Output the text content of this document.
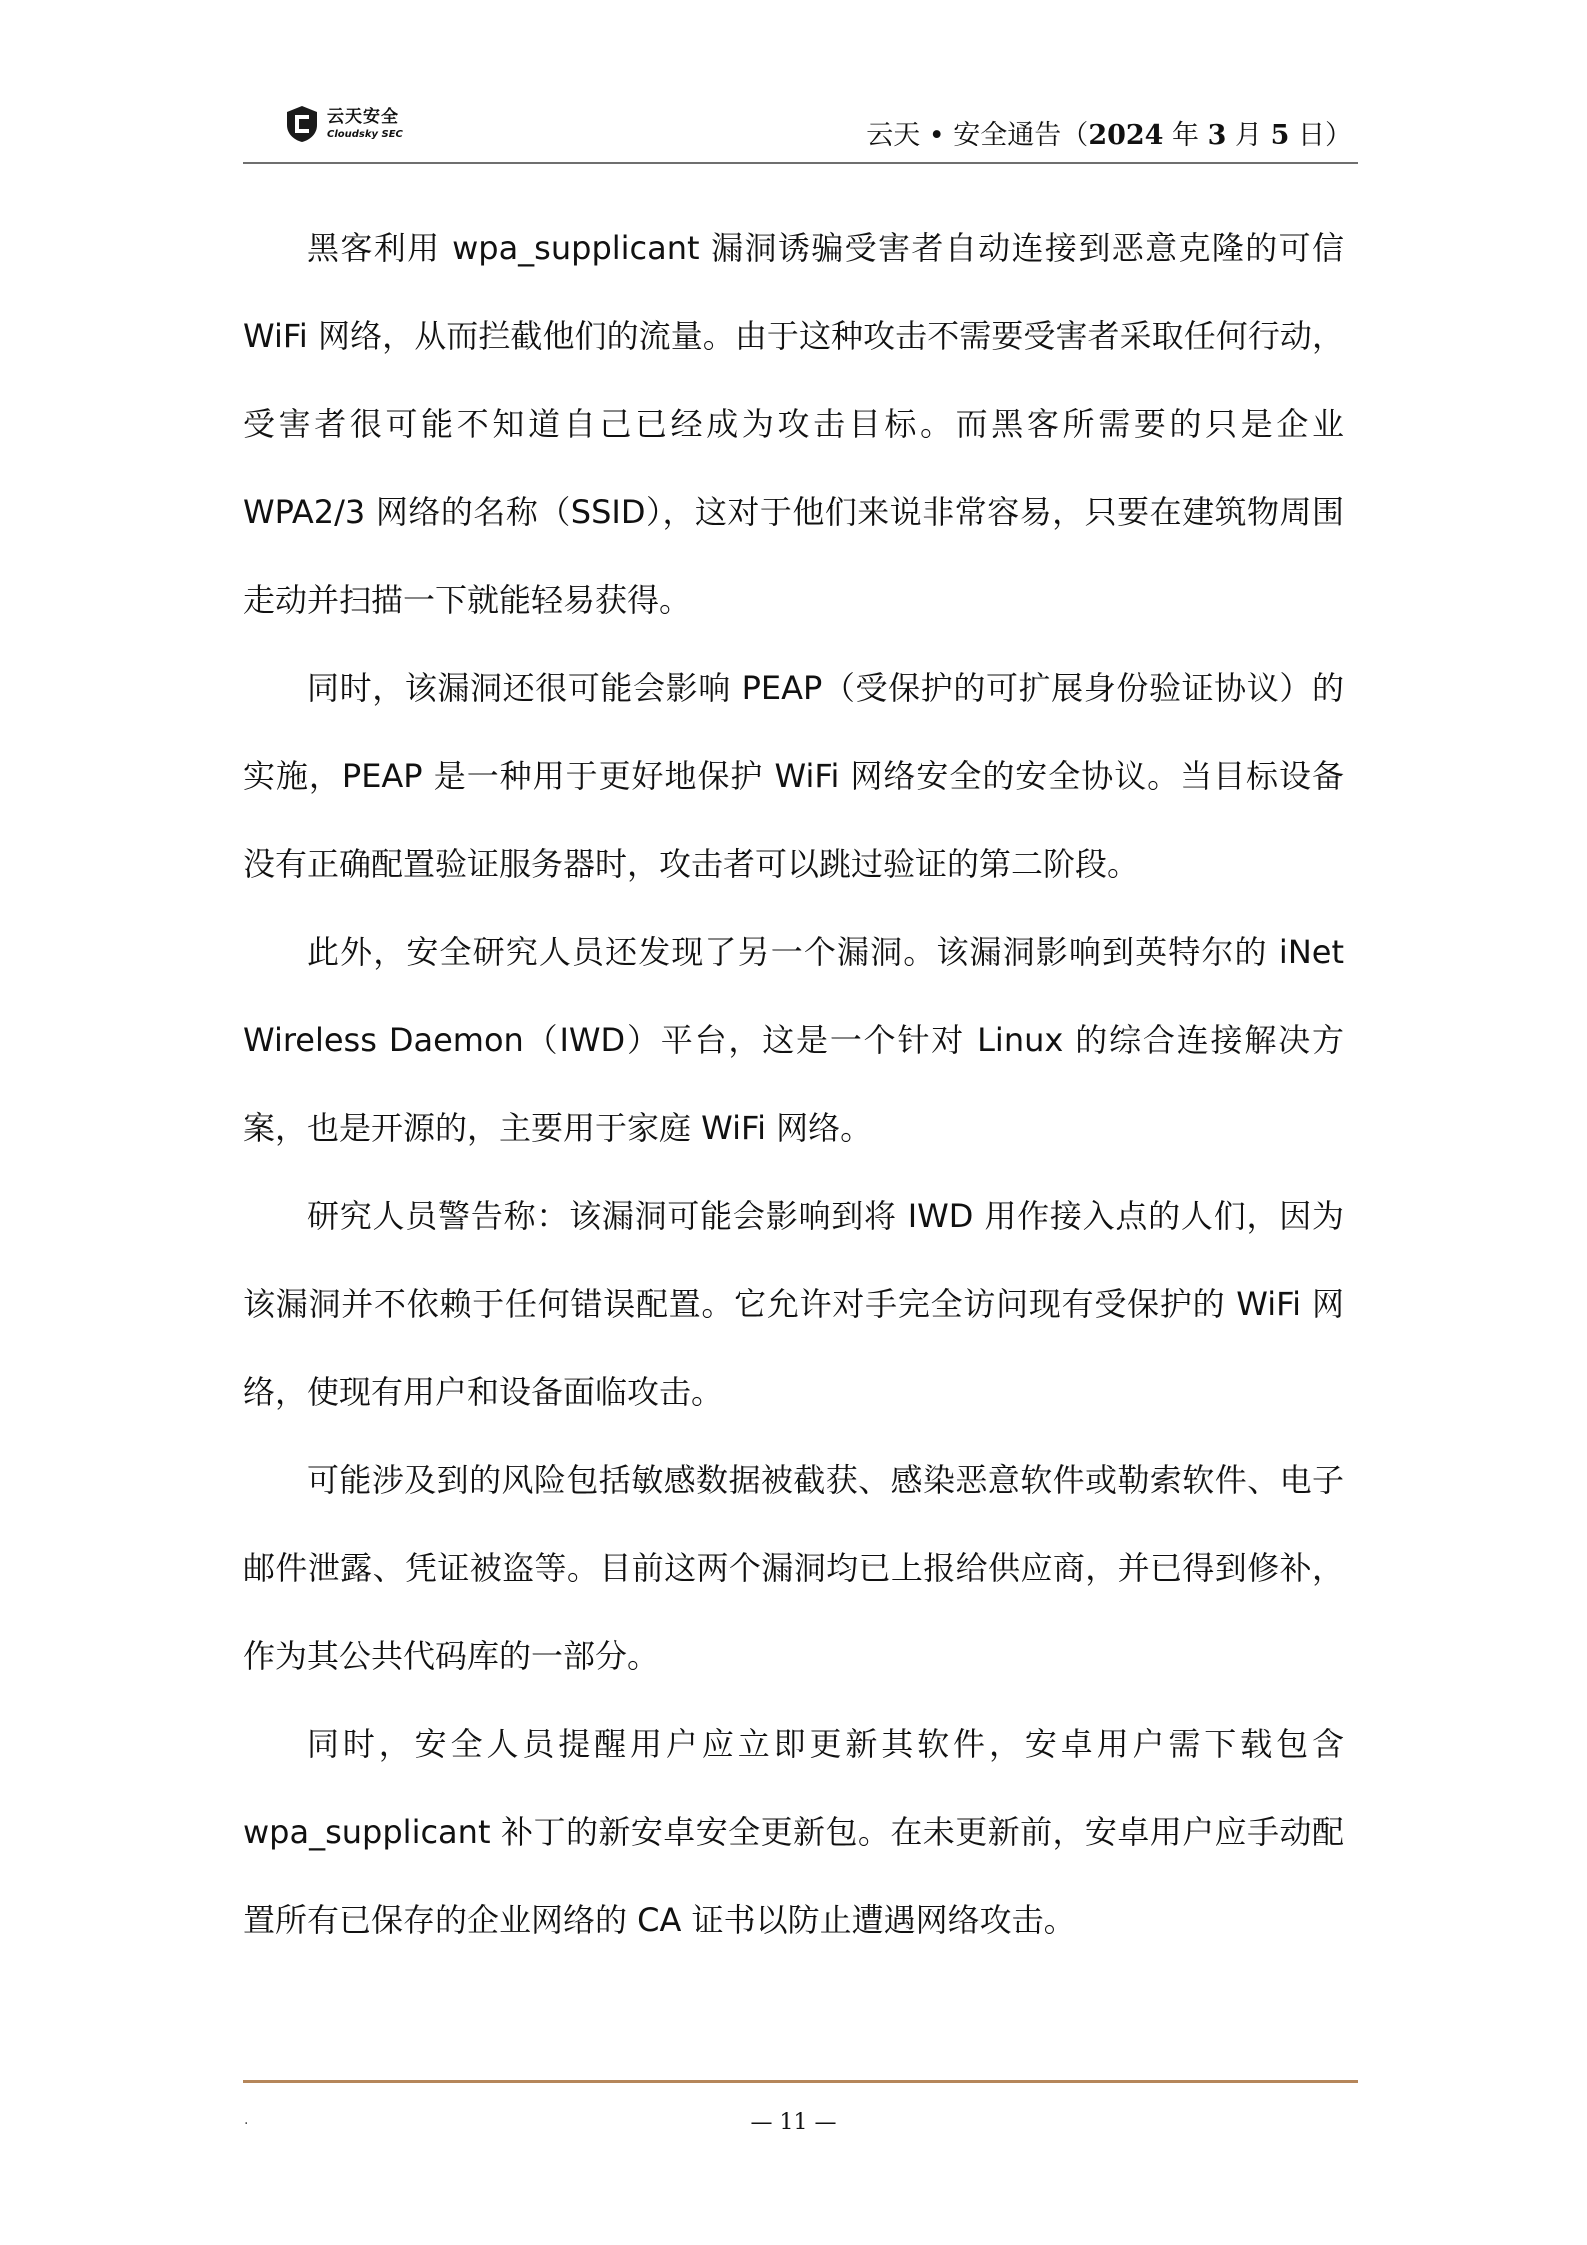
云天安全
Cloudsky SEC	云天 • 安全通告（2024 年 3 月 5 日）

黑客利用 wpa_supplicant 漏洞诱骗受害者自动连接到恶意克隆的可信 WiFi 网络，从而拦截他们的流量。由于这种攻击不需要受害者采取任何行动，受害者很可能不知道自己已经成为攻击目标。而黑客所需要的只是企业 WPA2/3 网络的名称（SSID），这对于他们来说非常容易，只要在建筑物周围走动并扫描一下就能轻易获得。

同时，该漏洞还很可能会影响 PEAP（受保护的可扩展身份验证协议）的实施，PEAP 是一种用于更好地保护 WiFi 网络安全的安全协议。当目标设备没有正确配置验证服务器时，攻击者可以跳过验证的第二阶段。

此外，安全研究人员还发现了另一个漏洞。该漏洞影响到英特尔的 iNet Wireless Daemon（IWD）平台，这是一个针对 Linux 的综合连接解决方案，也是开源的，主要用于家庭 WiFi 网络。

研究人员警告称：该漏洞可能会影响到将 IWD 用作接入点的人们，因为该漏洞并不依赖于任何错误配置。它允许对手完全访问现有受保护的 WiFi 网络，使现有用户和设备面临攻击。

可能涉及到的风险包括敏感数据被截获、感染恶意软件或勒索软件、电子邮件泄露、凭证被盗等。目前这两个漏洞均已上报给供应商，并已得到修补，作为其公共代码库的一部分。

同时，安全人员提醒用户应立即更新其软件，安卓用户需下载包含 wpa_supplicant 补丁的新安卓安全更新包。在未更新前，安卓用户应手动配置所有已保存的企业网络的 CA 证书以防止遭遇网络攻击。

.	— 11 —
